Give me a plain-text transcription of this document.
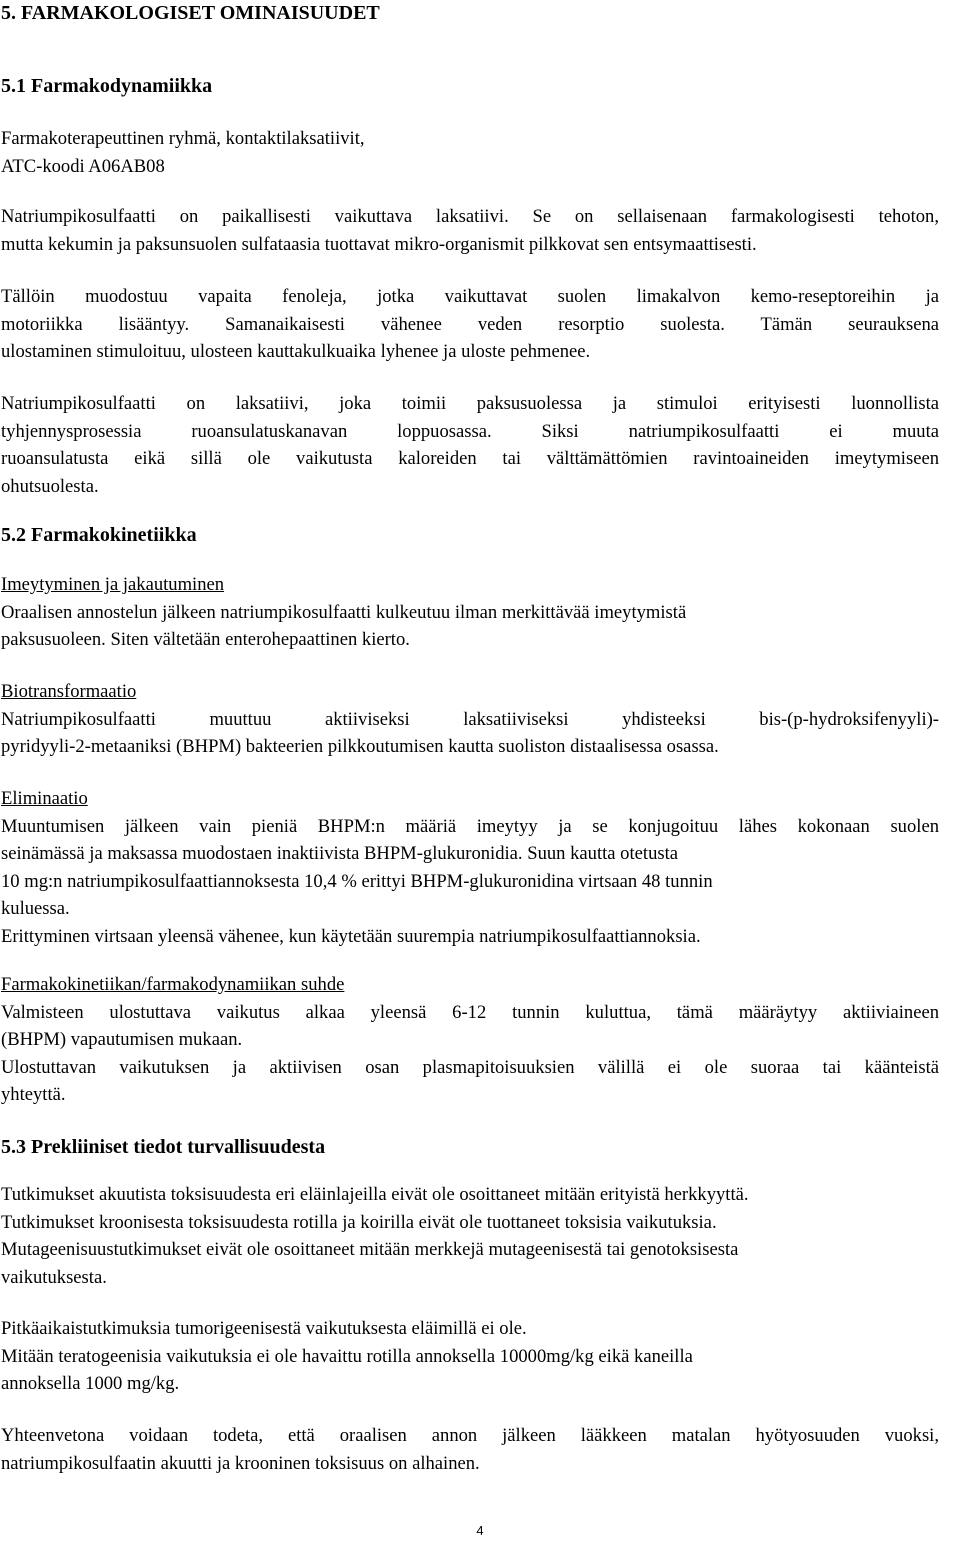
5. FARMAKOLOGISET OMINAISUUDET
5.1 Farmakodynamiikka
Farmakoterapeuttinen ryhmä, kontaktilaksatiivit,
ATC-koodi A06AB08
Natriumpikosulfaatti on paikallisesti vaikuttava laksatiivi. Se on sellaisenaan farmakologisesti tehoton,
mutta kekumin ja paksunsuolen sulfataasia tuottavat mikro-organismit pilkkovat sen entsymaattisesti.
Tällöin muodostuu vapaita fenoleja, jotka vaikuttavat suolen limakalvon kemo-reseptoreihin ja
motoriikka lisääntyy. Samanaikaisesti vähenee veden resorptio suolesta. Tämän seurauksena
ulostaminen stimuloituu, ulosteen kauttakulkuaika lyhenee ja uloste pehmenee.
Natriumpikosulfaatti on laksatiivi, joka toimii paksusuolessa ja stimuloi erityisesti luonnollista
tyhjennysprosessia ruoansulatuskanavan loppuosassa. Siksi natriumpikosulfaatti ei muuta
ruoansulatusta eikä sillä ole vaikutusta kaloreiden tai välttämättömien ravintoaineiden imeytymiseen
ohutsuolesta.
5.2 Farmakokinetiikka
Imeytyminen ja jakautuminen
Oraalisen annostelun jälkeen natriumpikosulfaatti kulkeutuu ilman merkittävää imeytymistä
paksusuoleen. Siten vältetään enterohepaattinen kierto.
Biotransformaatio
Natriumpikosulfaatti muuttuu aktiiviseksi laksatiiviseksi yhdisteeksi bis-(p-hydroksifenyyli)-
pyridyyli-2-metaaniksi (BHPM) bakteerien pilkkoutumisen kautta suoliston distaalisessa osassa.
Eliminaatio
Muuntumisen jälkeen vain pieniä BHPM:n määriä imeytyy ja se konjugoituu lähes kokonaan suolen
seinämässä ja maksassa muodostaen inaktiivista BHPM-glukuronidia. Suun kautta otetusta
10 mg:n natriumpikosulfaattiannoksesta 10,4 % erittyi BHPM-glukuronidina virtsaan 48 tunnin
kuluessa.
Erittyminen virtsaan yleensä vähenee, kun käytetään suurempia natriumpikosulfaattiannoksia.
Farmakokinetiikan/farmakodynamiikan suhde
Valmisteen ulostuttava vaikutus alkaa yleensä 6-12 tunnin kuluttua, tämä määräytyy aktiiviaineen
(BHPM) vapautumisen mukaan.
Ulostuttavan vaikutuksen ja aktiivisen osan plasmapitoisuuksien välillä ei ole suoraa tai käänteistä
yhteyttä.
5.3 Prekliiniset tiedot turvallisuudesta
Tutkimukset akuutista toksisuudesta eri eläinlajeilla eivät ole osoittaneet mitään erityistä herkkyyttä.
Tutkimukset kroonisesta toksisuudesta rotilla ja koirilla eivät ole tuottaneet toksisia vaikutuksia.
Mutageenisuustutkimukset eivät ole osoittaneet mitään merkkejä mutageenisestä tai genotoksisesta
vaikutuksesta.
Pitkäaikaistutkimuksia tumorigeenisestä vaikutuksesta eläimillä ei ole.
Mitään teratogeenisia vaikutuksia ei ole havaittu rotilla annoksella 10000mg/kg eikä kaneilla
annoksella 1000 mg/kg.
Yhteenvetona voidaan todeta, että oraalisen annon jälkeen lääkkeen matalan hyötyosuuden vuoksi,
natriumpikosulfaatin akuutti ja krooninen toksisuus on alhainen.
4
